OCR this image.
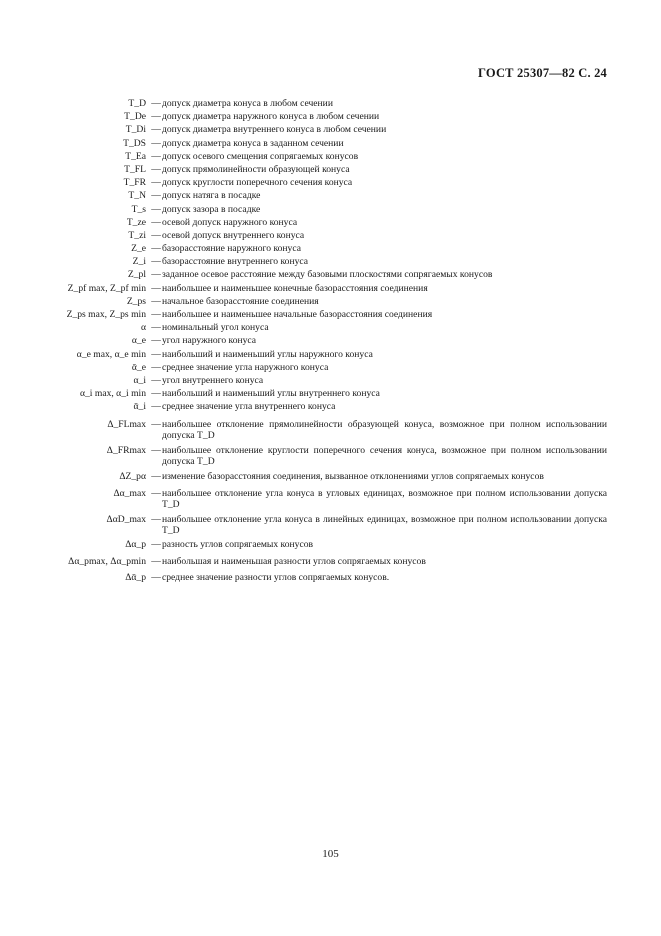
ГОСТ 25307—82 С. 24
T_D — допуск диаметра конуса в любом сечении
T_De — допуск диаметра наружного конуса в любом сечении
T_Di — допуск диаметра внутреннего конуса в любом сечении
T_DS — допуск диаметра конуса в заданном сечении
T_Ea — допуск осевого смещения сопрягаемых конусов
T_FL — допуск прямолинейности образующей конуса
T_FR — допуск круглости поперечного сечения конуса
T_N — допуск натяга в посадке
T_s — допуск зазора в посадке
T_ze — осевой допуск наружного конуса
T_zi — осевой допуск внутреннего конуса
Z_e — базорасстояние наружного конуса
Z_i — базорасстояние внутреннего конуса
Z_pl — заданное осевое расстояние между базовыми плоскостями сопрягаемых конусов
Z_pf max, Z_pf min — наибольшее и наименьшее конечные базорасстояния соединения
Z_ps — начальное базорасстояние соединения
Z_ps max, Z_ps min — наибольшее и наименьшее начальные базорасстояния соединения
α — номинальный угол конуса
α_e — угол наружного конуса
α_e max, α_e min — наибольший и наименьший углы наружного конуса
ᾱ_e — среднее значение угла наружного конуса
α_i — угол внутреннего конуса
α_i max, α_i min — наибольший и наименьший углы внутреннего конуса
ᾱ_i — среднее значение угла внутреннего конуса
Δ_FLmax — наибольшее отклонение прямолинейности образующей конуса, возможное при полном использовании допуска T_D
Δ_FRmax — наибольшее отклонение круглости поперечного сечения конуса, возможное при полном использовании допуска T_D
ΔZ_pα — изменение базорасстояния соединения, вызванное отклонениями углов сопрягаемых конусов
Δα_max — наибольшее отклонение угла конуса в угловых единицах, возможное при полном использовании допуска T_D
ΔαD_max — наибольшее отклонение угла конуса в линейных единицах, возможное при полном использовании допуска T_D
Δα_p — разность углов сопрягаемых конусов
Δα_pmax, Δα_pmin — наибольшая и наименьшая разности углов сопрягаемых конусов
Δᾱ_p — среднее значение разности углов сопрягаемых конусов.
105
